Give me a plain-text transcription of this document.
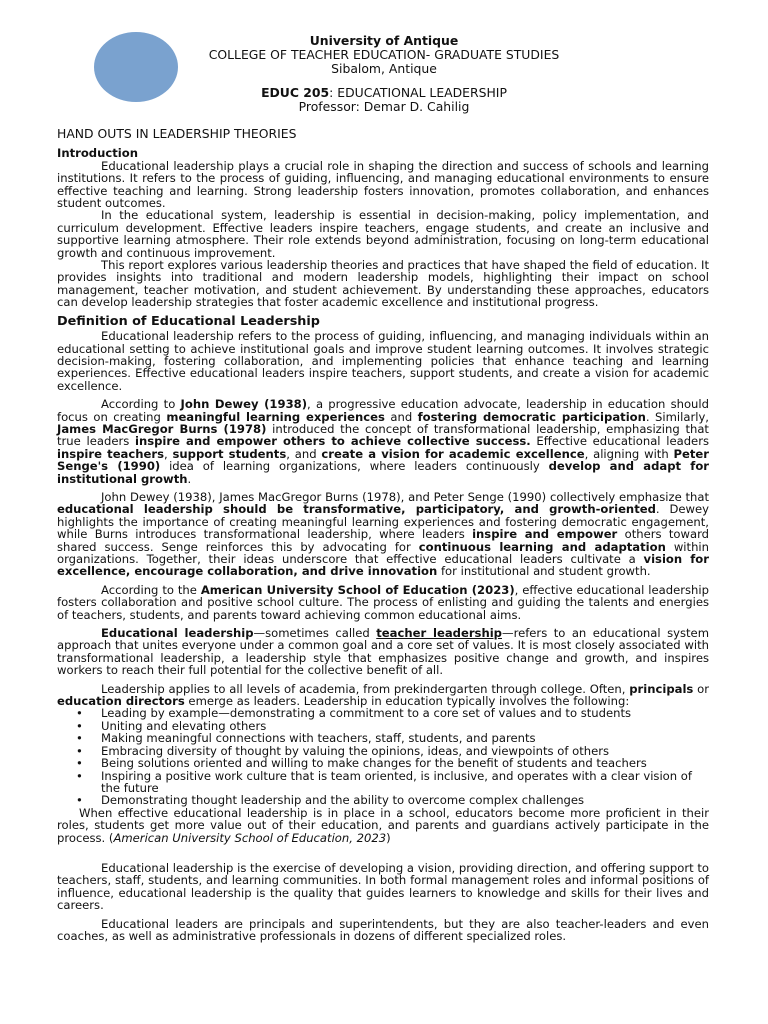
University of Antique
COLLEGE OF TEACHER EDUCATION- GRADUATE STUDIES
Sibalom, Antique
EDUC 205: EDUCATIONAL LEADERSHIP
Professor: Demar D. Cahilig
HAND OUTS IN LEADERSHIP THEORIES
Introduction

Educational leadership plays a crucial role in shaping the direction and success of schools and learning institutions. It refers to the process of guiding, influencing, and managing educational environments to ensure effective teaching and learning. Strong leadership fosters innovation, promotes collaboration, and enhances student outcomes.

In the educational system, leadership is essential in decision-making, policy implementation, and curriculum development. Effective leaders inspire teachers, engage students, and create an inclusive and supportive learning atmosphere. Their role extends beyond administration, focusing on long-term educational growth and continuous improvement.

This report explores various leadership theories and practices that have shaped the field of education. It provides insights into traditional and modern leadership models, highlighting their impact on school management, teacher motivation, and student achievement. By understanding these approaches, educators can develop leadership strategies that foster academic excellence and institutional progress.

Definition of Educational Leadership

Educational leadership refers to the process of guiding, influencing, and managing individuals within an educational setting to achieve institutional goals and improve student learning outcomes. It involves strategic decision-making, fostering collaboration, and implementing policies that enhance teaching and learning experiences. Effective educational leaders inspire teachers, support students, and create a vision for academic excellence.

According to John Dewey (1938), a progressive education advocate, leadership in education should focus on creating meaningful learning experiences and fostering democratic participation. Similarly, James MacGregor Burns (1978) introduced the concept of transformational leadership, emphasizing that true leaders inspire and empower others to achieve collective success. Effective educational leaders inspire teachers, support students, and create a vision for academic excellence, aligning with Peter Senge's (1990) idea of learning organizations, where leaders continuously develop and adapt for institutional growth.

John Dewey (1938), James MacGregor Burns (1978), and Peter Senge (1990) collectively emphasize that educational leadership should be transformative, participatory, and growth-oriented. Dewey highlights the importance of creating meaningful learning experiences and fostering democratic engagement, while Burns introduces transformational leadership, where leaders inspire and empower others toward shared success. Senge reinforces this by advocating for continuous learning and adaptation within organizations. Together, their ideas underscore that effective educational leaders cultivate a vision for excellence, encourage collaboration, and drive innovation for institutional and student growth.

According to the American University School of Education (2023), effective educational leadership fosters collaboration and positive school culture. The process of enlisting and guiding the talents and energies of teachers, students, and parents toward achieving common educational aims.

Educational leadership—sometimes called teacher leadership—refers to an educational system approach that unites everyone under a common goal and a core set of values. It is most closely associated with transformational leadership, a leadership style that emphasizes positive change and growth, and inspires workers to reach their full potential for the collective benefit of all.

Leadership applies to all levels of academia, from prekindergarten through college. Often, principals or education directors emerge as leaders. Leadership in education typically involves the following:

• Leading by example—demonstrating a commitment to a core set of values and to students
• Uniting and elevating others
• Making meaningful connections with teachers, staff, students, and parents
• Embracing diversity of thought by valuing the opinions, ideas, and viewpoints of others
• Being solutions oriented and willing to make changes for the benefit of students and teachers
• Inspiring a positive work culture that is team oriented, is inclusive, and operates with a clear vision of the future
• Demonstrating thought leadership and the ability to overcome complex challenges

When effective educational leadership is in place in a school, educators become more proficient in their roles, students get more value out of their education, and parents and guardians actively participate in the process. (American University School of Education, 2023)

Educational leadership is the exercise of developing a vision, providing direction, and offering support to teachers, staff, students, and learning communities. In both formal management roles and informal positions of influence, educational leadership is the quality that guides learners to knowledge and skills for their lives and careers.

Educational leaders are principals and superintendents, but they are also teacher-leaders and even coaches, as well as administrative professionals in dozens of different specialized roles.
